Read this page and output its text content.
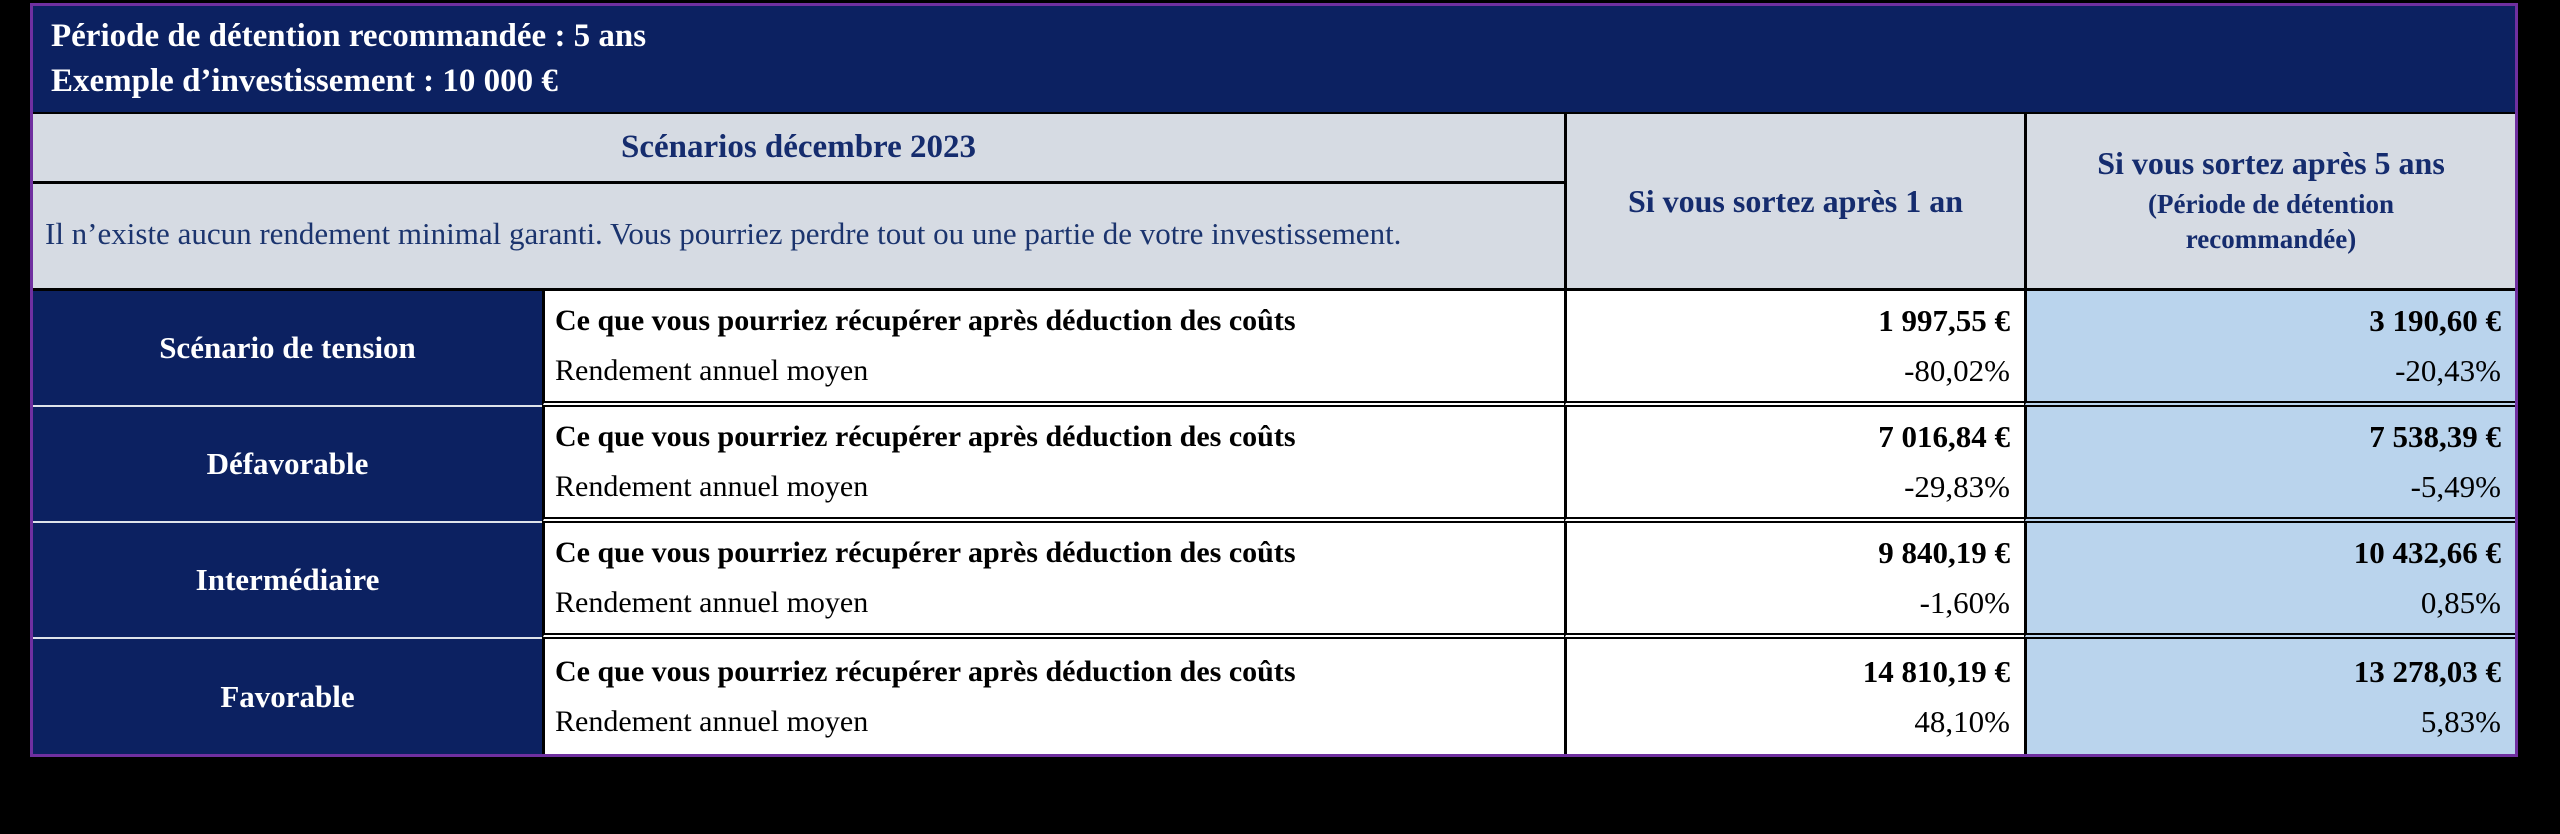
Période de détention recommandée : 5 ans
Exemple d’investissement : 10 000 €
Scénarios décembre 2023
Si vous sortez après 1 an
Si vous sortez après 5 ans
(Période de détention recommandée)
Il n’existe aucun rendement minimal garanti. Vous pourriez perdre tout ou une partie de votre investissement.
Scénario de tension
Ce que vous pourriez récupérer après déduction des coûts
Rendement annuel moyen
1 997,55 €
-80,02%
3 190,60 €
-20,43%
Défavorable
Ce que vous pourriez récupérer après déduction des coûts
Rendement annuel moyen
7 016,84 €
-29,83%
7 538,39 €
-5,49%
Intermédiaire
Ce que vous pourriez récupérer après déduction des coûts
Rendement annuel moyen
9 840,19 €
-1,60%
10 432,66 €
0,85%
Favorable
Ce que vous pourriez récupérer après déduction des coûts
Rendement annuel moyen
14 810,19 €
48,10%
13 278,03 €
5,83%
